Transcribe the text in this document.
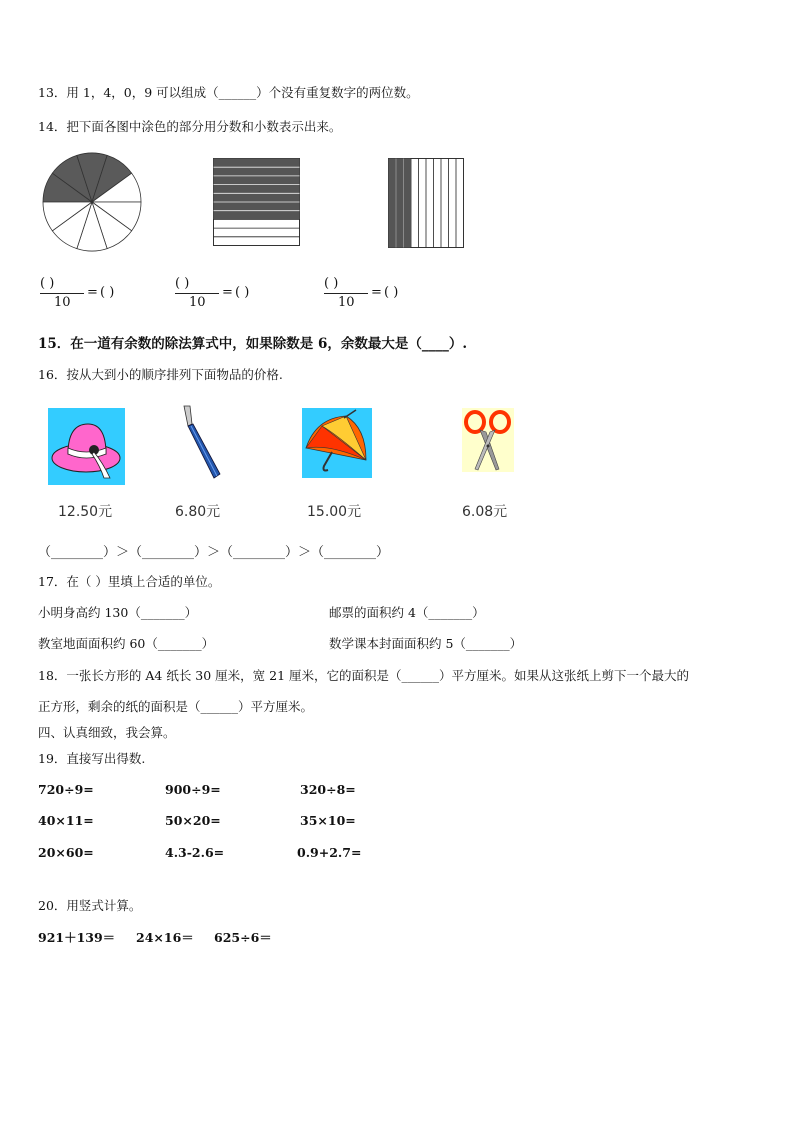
13．用 1，4，0，9 可以组成（______）个没有重复数字的两位数。
14．把下面各图中涂色的部分用分数和小数表示出来。
( )
10
= ( )
( )
10
= ( )
( )
10
= ( )
15．在一道有余数的除法算式中，如果除数是 6，余数最大是（____）.
16．按从大到小的顺序排列下面物品的价格.
12.50元	6.80元	15.00元	6.08元
（________）＞（________）＞（________）＞（________）
17．在（ ）里填上合适的单位。
小明身高约 130（_______）	邮票的面积约 4（_______）
教室地面面积约 60（_______）	数学课本封面面积约 5（_______）
18．一张长方形的 A4 纸长 30 厘米，宽 21 厘米，它的面积是（______）平方厘米。如果从这张纸上剪下一个最大的
正方形，剩余的纸的面积是（______）平方厘米。
四、认真细致，我会算。
19．直接写出得数.
720÷9=	900÷9=	320÷8=
40×11=	50×20=	35×10=
20×60=	4.3-2.6=	0.9+2.7=
20．用竖式计算。
921＋139＝ 24×16＝ 625÷6＝
